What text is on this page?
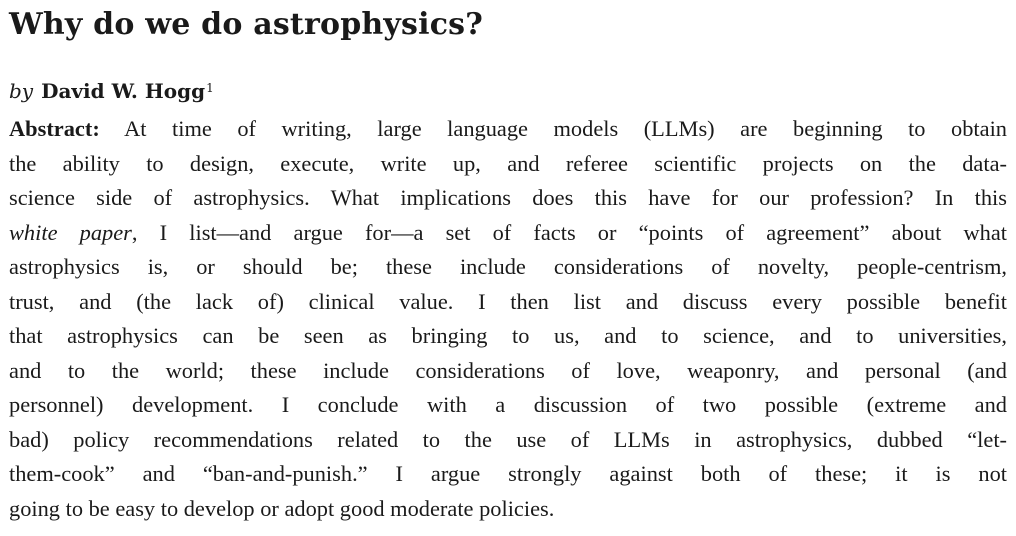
Why do we do astrophysics?
by David W. Hogg$^1$
Abstract: At time of writing, large language models (LLMs) are beginning to obtain
the ability to design, execute, write up, and referee scientific projects on the data-
science side of astrophysics. What implications does this have for our profession? In this
white paper, I list—and argue for—a set of facts or “points of agreement” about what
astrophysics is, or should be; these include considerations of novelty, people-centrism,
trust, and (the lack of) clinical value. I then list and discuss every possible benefit
that astrophysics can be seen as bringing to us, and to science, and to universities,
and to the world; these include considerations of love, weaponry, and personal (and
personnel) development. I conclude with a discussion of two possible (extreme and
bad) policy recommendations related to the use of LLMs in astrophysics, dubbed “let-
them-cook” and “ban-and-punish.” I argue strongly against both of these; it is not
going to be easy to develop or adopt good moderate policies.
